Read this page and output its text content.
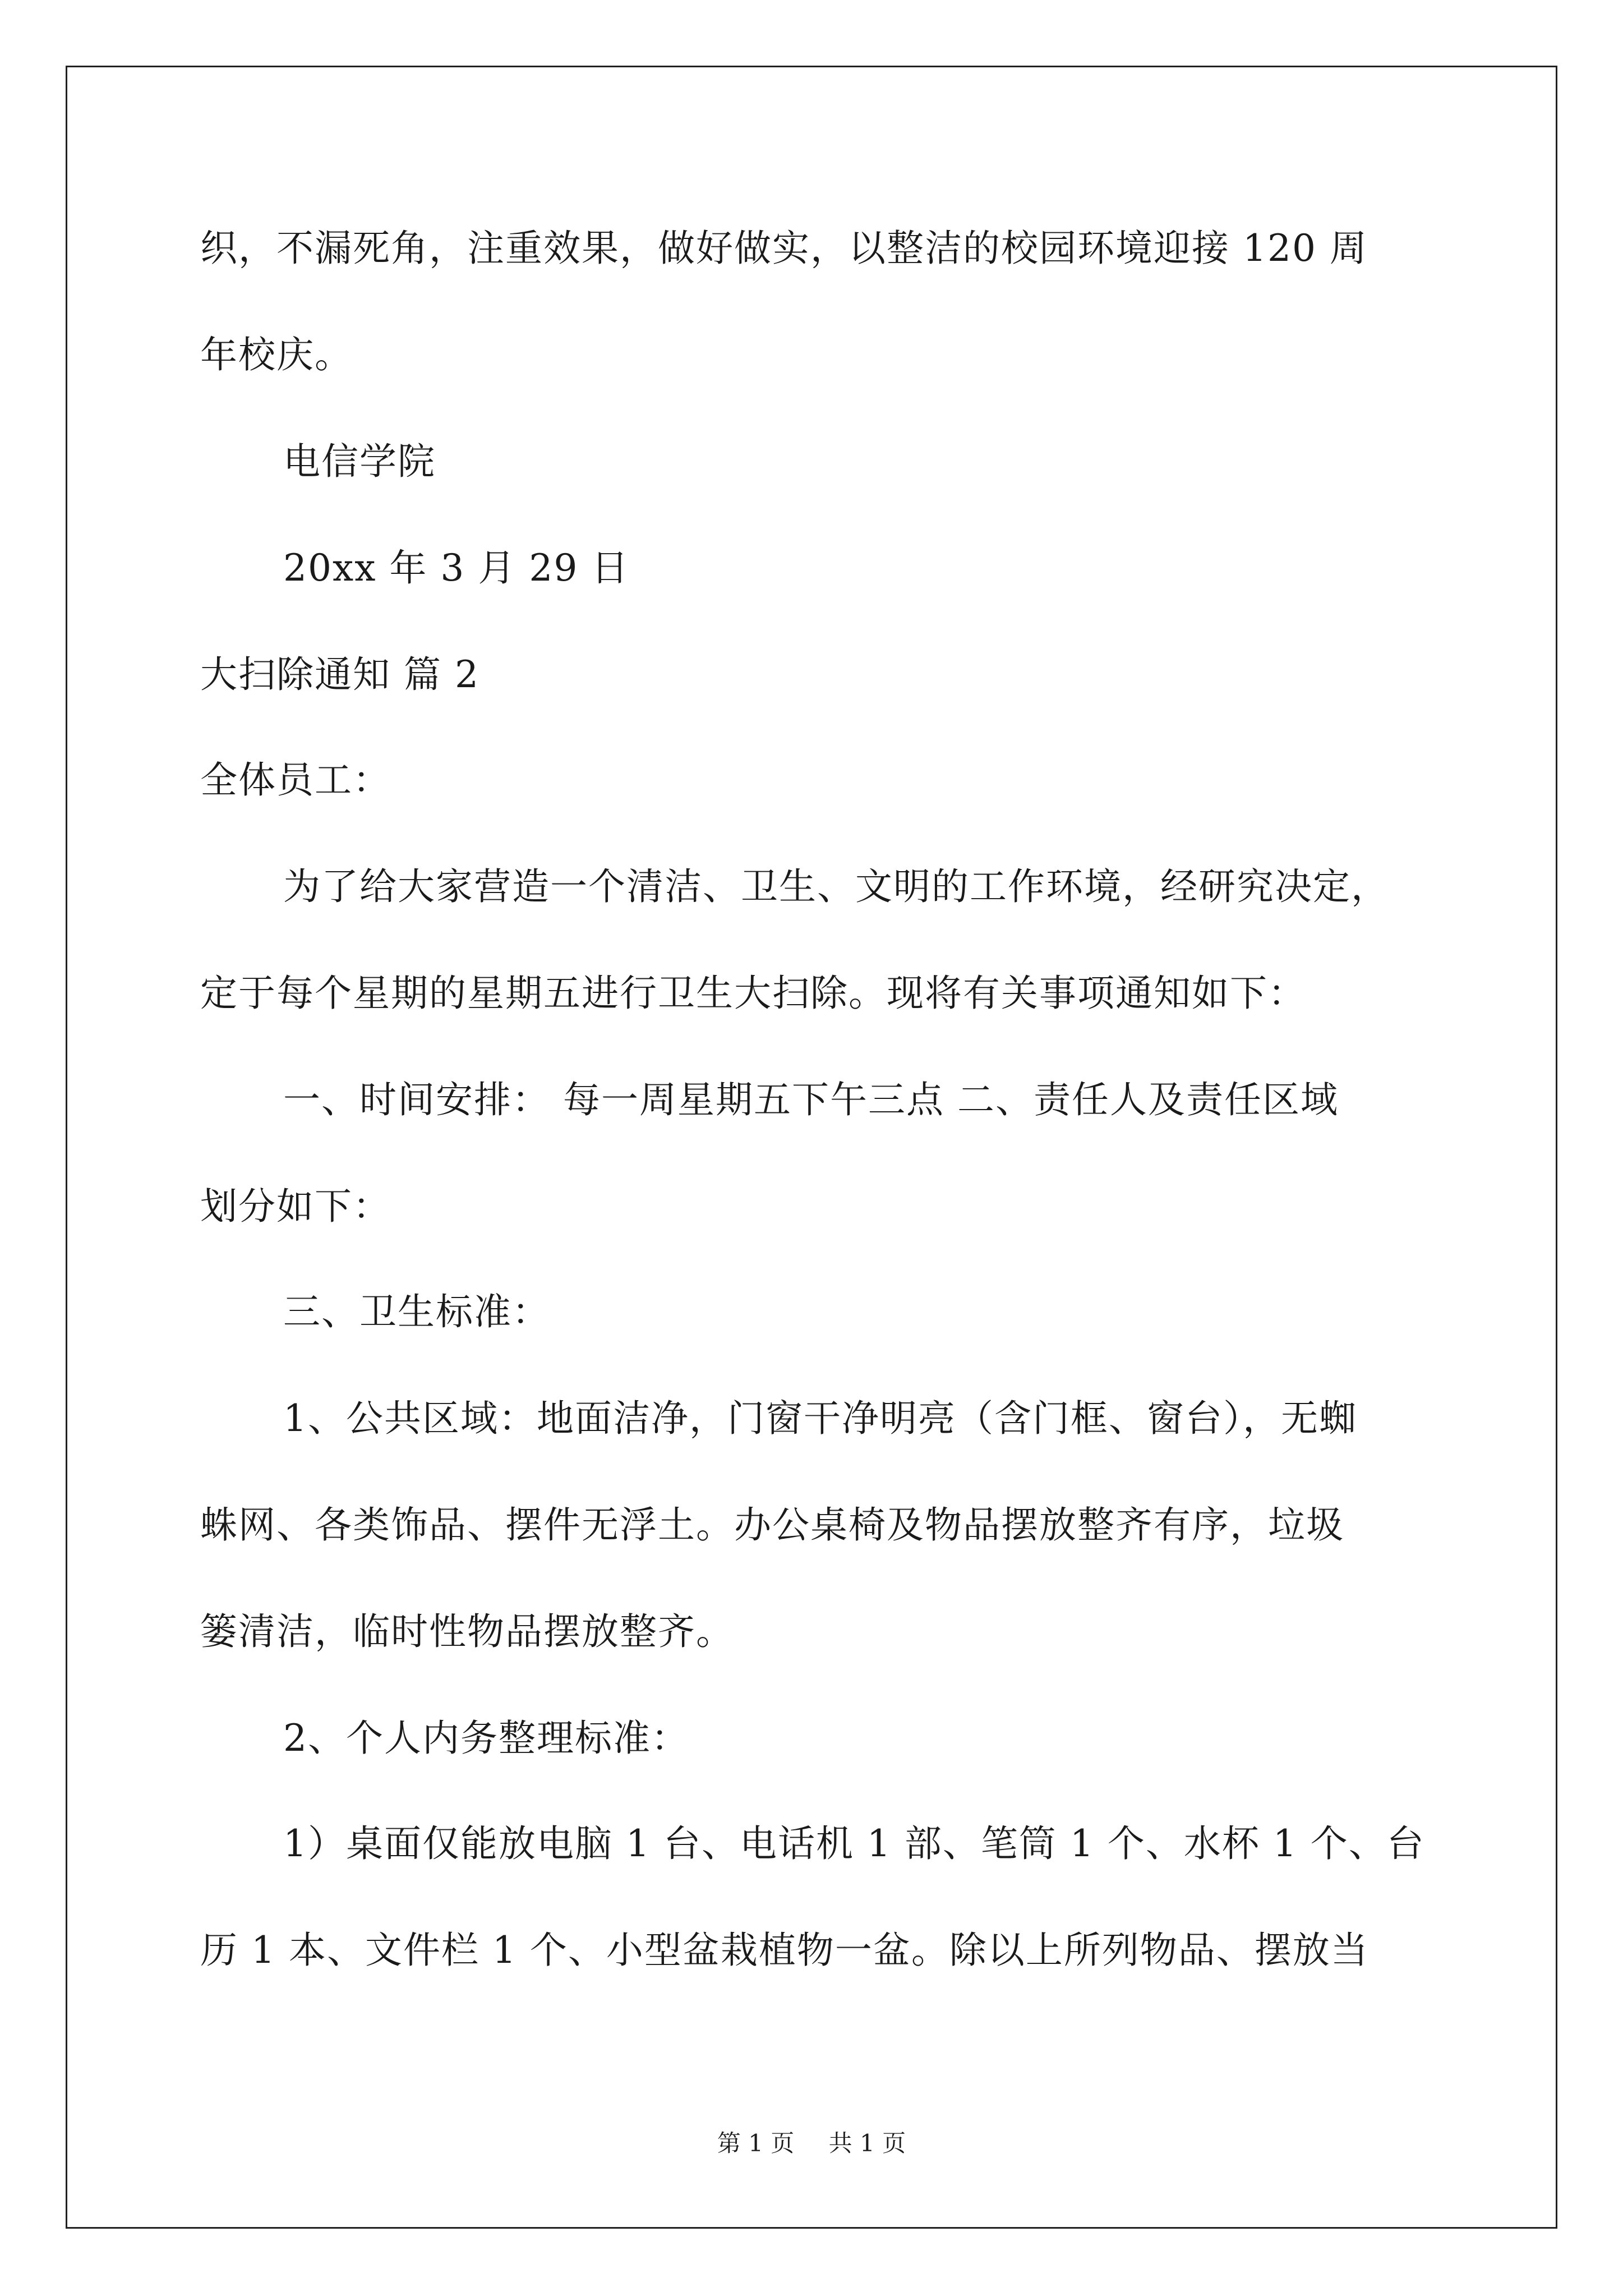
织，不漏死角，注重效果，做好做实，以整洁的校园环境迎接 120 周
年校庆。
电信学院
20xx 年 3 月 29 日
大扫除通知 篇 2
全体员工：
为了给大家营造一个清洁、卫生、文明的工作环境，经研究决定，
定于每个星期的星期五进行卫生大扫除。现将有关事项通知如下：
一、时间安排： 每一周星期五下午三点 二、责任人及责任区域
划分如下：
三、卫生标准：
1、公共区域：地面洁净，门窗干净明亮（含门框、窗台），无蜘
蛛网、各类饰品、摆件无浮土。办公桌椅及物品摆放整齐有序，垃圾
篓清洁，临时性物品摆放整齐。
2、个人内务整理标准：
1）桌面仅能放电脑 1 台、电话机 1 部、笔筒 1 个、水杯 1 个、台
历 1 本、文件栏 1 个、小型盆栽植物一盆。除以上所列物品、摆放当
第 1 页 共 1 页
